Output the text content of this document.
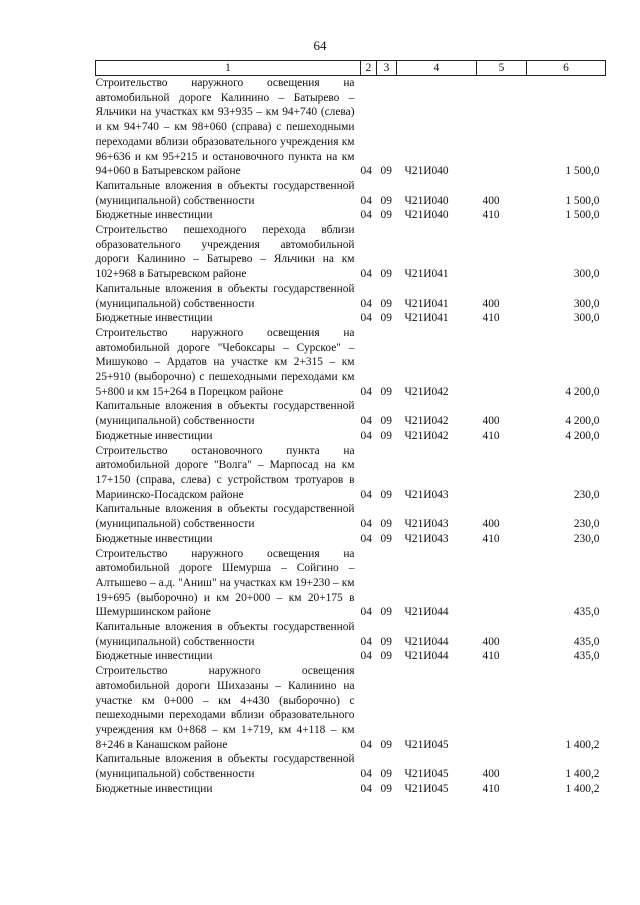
64
1	2	3	4	5	6
Строительство наружного освещения на автомобильной дороге Калинино – Батырево – Яльчики на участках км 93+935 – км 94+740 (слева) и км 94+740 – км 98+060 (справа) с пешеходными переходами вблизи образовательного учреждения км 96+636 и км 95+215 и остановочного пункта на км 94+060 в Батыревском районе	04	09	Ч21И040		1 500,0
Капитальные вложения в объекты государственной (муниципальной) собственности	04	09	Ч21И040	400	1 500,0
Бюджетные инвестиции	04	09	Ч21И040	410	1 500,0
Строительство пешеходного перехода вблизи образовательного учреждения автомобильной дороги Калинино – Батырево – Яльчики на км 102+968 в Батыревском районе	04	09	Ч21И041		300,0
Капитальные вложения в объекты государственной (муниципальной) собственности	04	09	Ч21И041	400	300,0
Бюджетные инвестиции	04	09	Ч21И041	410	300,0
Строительство наружного освещения на автомобильной дороге "Чебоксары – Сурское" – Мишуково – Ардатов на участке км 2+315 – км 25+910 (выборочно) с пешеходными переходами км 5+800 и км 15+264 в Порецком районе	04	09	Ч21И042		4 200,0
Капитальные вложения в объекты государственной (муниципальной) собственности	04	09	Ч21И042	400	4 200,0
Бюджетные инвестиции	04	09	Ч21И042	410	4 200,0
Строительство остановочного пункта на автомобильной дороге "Волга" – Марпосад на км 17+150 (справа, слева) с устройством тротуаров в Мариинско-Посадском районе	04	09	Ч21И043		230,0
Капитальные вложения в объекты государственной (муниципальной) собственности	04	09	Ч21И043	400	230,0
Бюджетные инвестиции	04	09	Ч21И043	410	230,0
Строительство наружного освещения на автомобильной дороге Шемурша – Сойгино – Алтышево – а.д. "Аниш" на участках км 19+230 – км 19+695 (выборочно) и км 20+000 – км 20+175 в Шемуршинском районе	04	09	Ч21И044		435,0
Капитальные вложения в объекты государственной (муниципальной) собственности	04	09	Ч21И044	400	435,0
Бюджетные инвестиции	04	09	Ч21И044	410	435,0
Строительство наружного освещения автомобильной дороги Шихазаны – Калинино на участке км 0+000 – км 4+430 (выборочно) с пешеходными переходами вблизи образовательного учреждения км 0+868 – км 1+719, км 4+118 – км 8+246 в Канашском районе	04	09	Ч21И045		1 400,2
Капитальные вложения в объекты государственной (муниципальной) собственности	04	09	Ч21И045	400	1 400,2
Бюджетные инвестиции	04	09	Ч21И045	410	1 400,2
